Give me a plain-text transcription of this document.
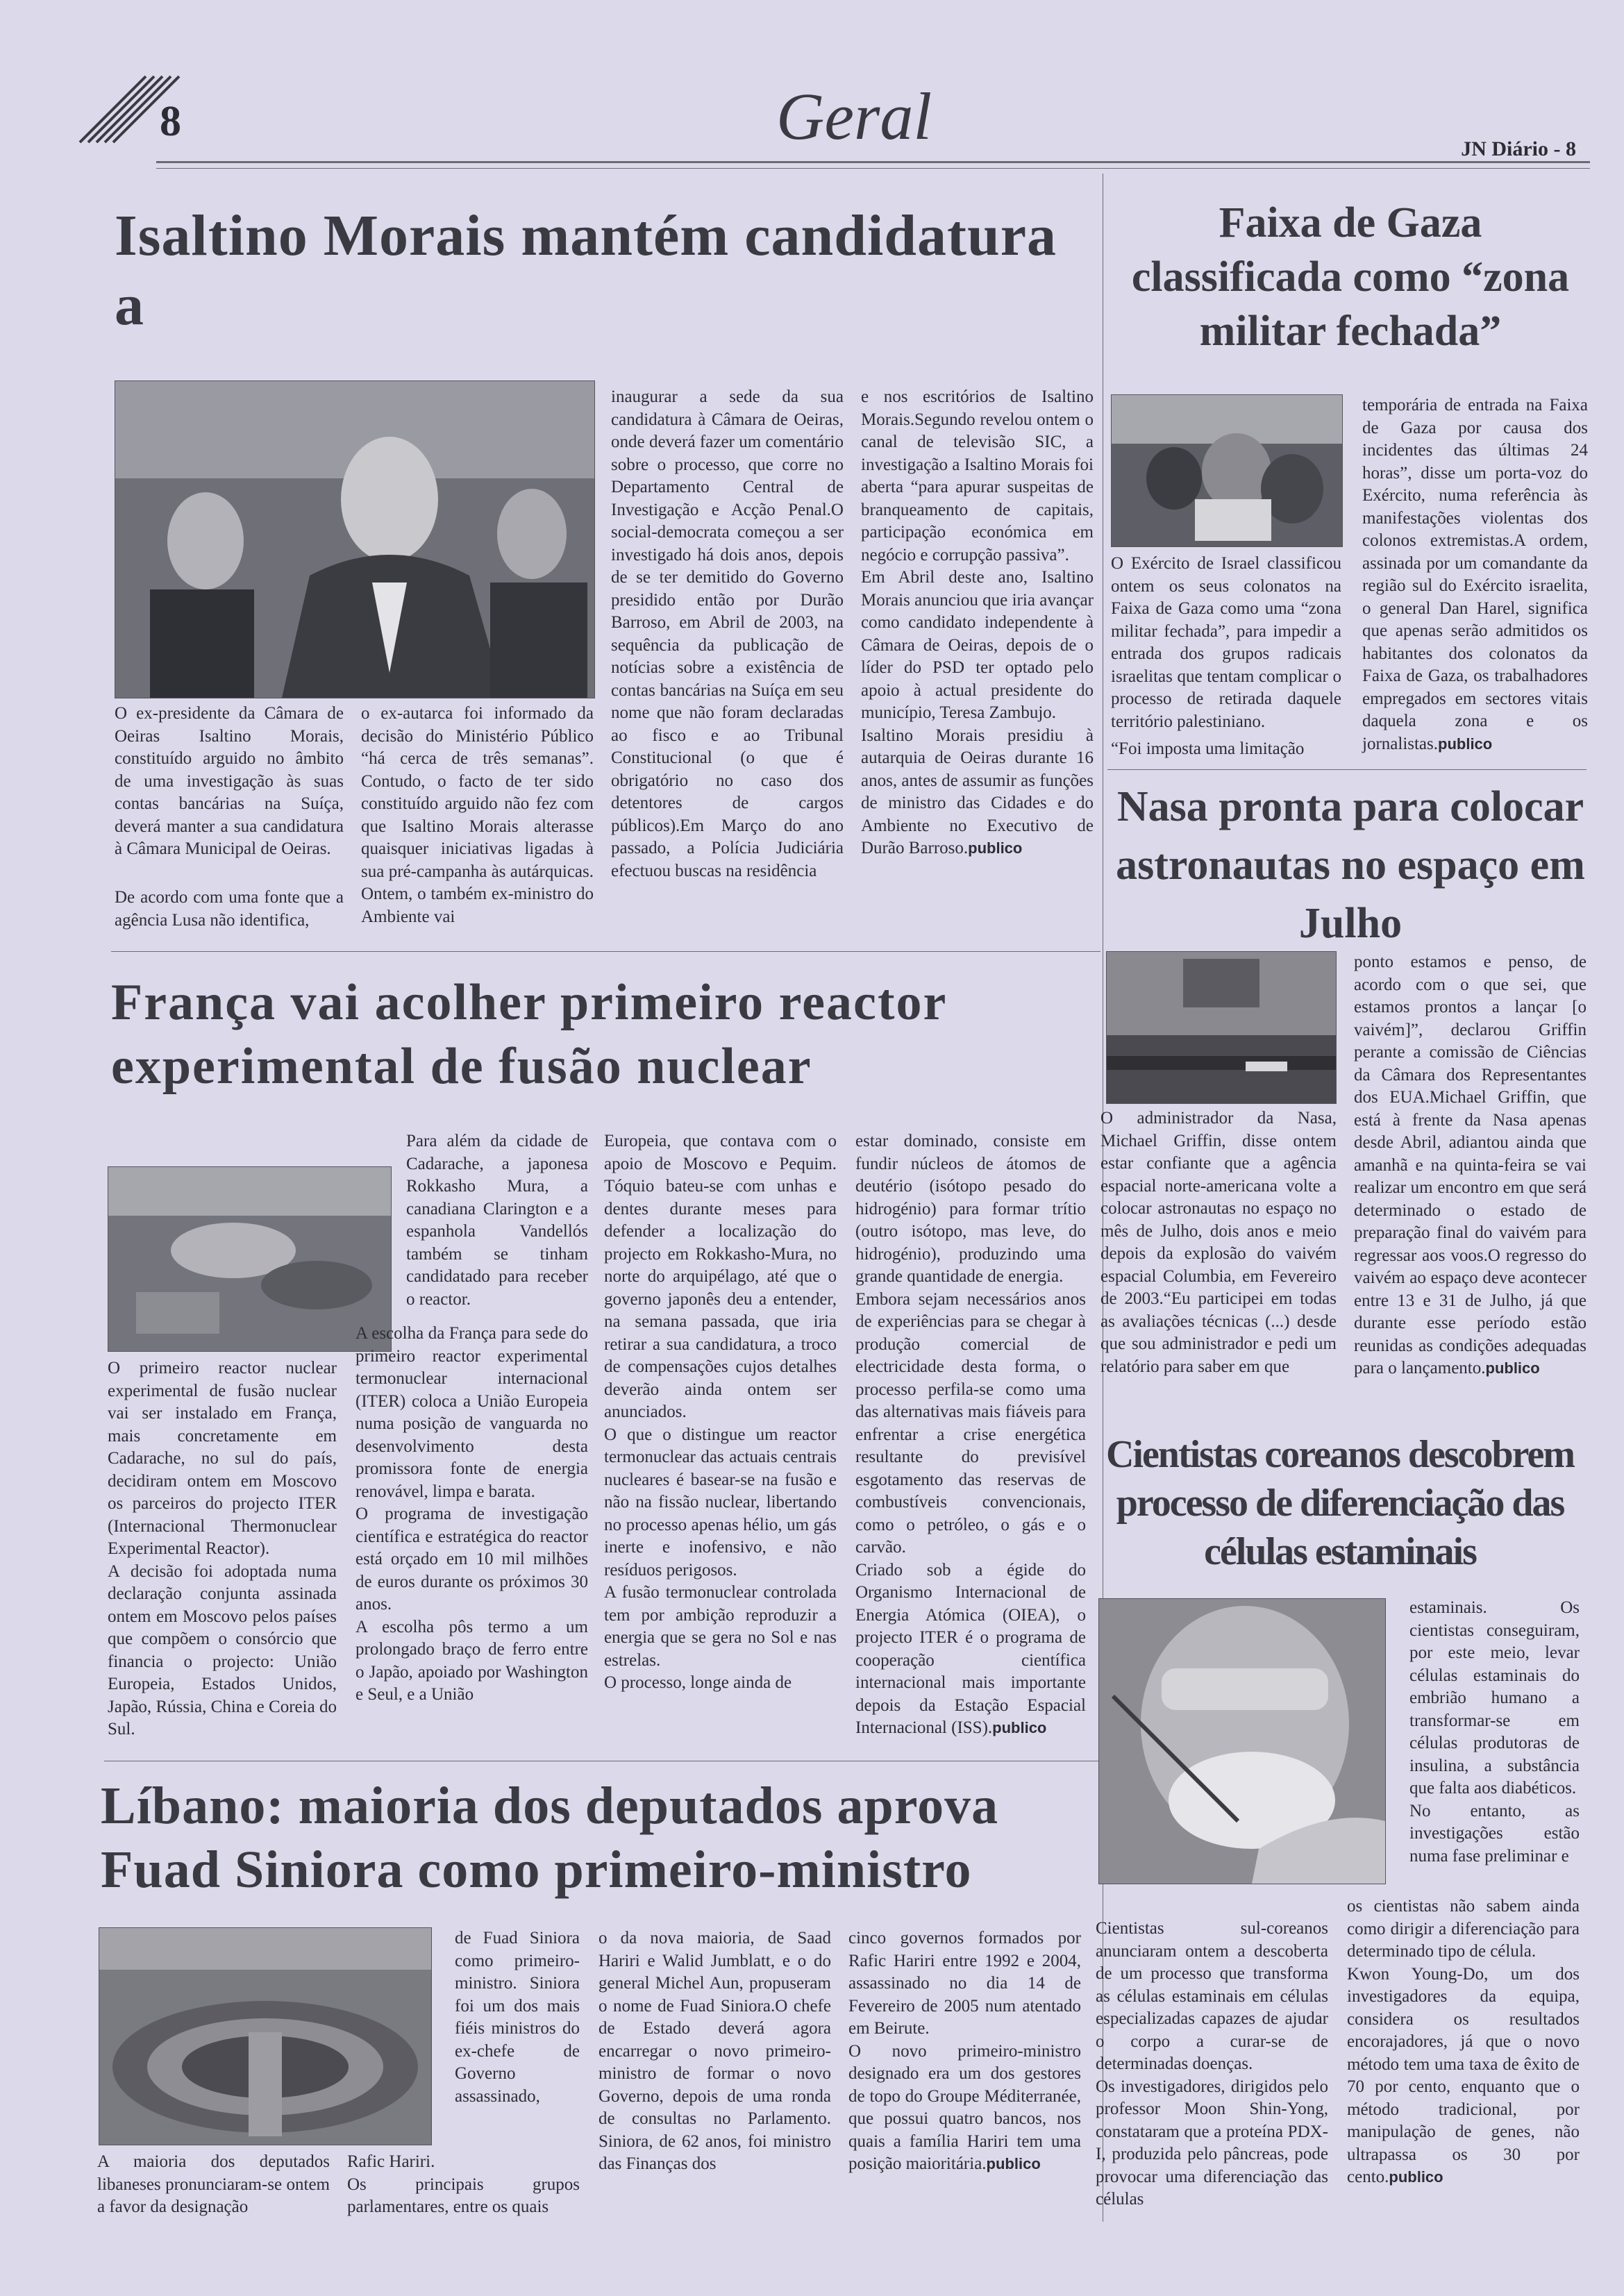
8	Geral	JN Diário - 8
Isaltino Morais mantém candidatura a
O ex-presidente da Câmara de Oeiras Isaltino Morais, constituído arguido no âmbito de uma investigação às suas contas bancárias na Suíça, deverá manter a sua candidatura à Câmara Municipal de Oeiras.
De acordo com uma fonte que a agência Lusa não identifica,
o ex-autarca foi informado da decisão do Ministério Público “há cerca de três semanas”. Contudo, o facto de ter sido constituído arguido não fez com que Isaltino Morais alterasse quaisquer iniciativas ligadas à sua pré-campanha às autárquicas. Ontem, o também ex-ministro do Ambiente vai
inaugurar a sede da sua candidatura à Câmara de Oeiras, onde deverá fazer um comentário sobre o processo, que corre no Departamento Central de Investigação e Acção Penal.O social-democrata começou a ser investigado há dois anos, depois de se ter demitido do Governo presidido então por Durão Barroso, em Abril de 2003, na sequência da publicação de notícias sobre a existência de contas bancárias na Suíça em seu nome que não foram declaradas ao fisco e ao Tribunal Constitucional (o que é obrigatório no caso dos detentores de cargos públicos).Em Março do ano passado, a Polícia Judiciária efectuou buscas na residência

e nos escritórios de Isaltino Morais.Segundo revelou ontem o canal de televisão SIC, a investigação a Isaltino Morais foi aberta “para apurar suspeitas de branqueamento de capitais, participação económica em negócio e corrupção passiva”.

Em Abril deste ano, Isaltino Morais anunciou que iria avançar como candidato independente à Câmara de Oeiras, depois de o líder do PSD ter optado pelo apoio à actual presidente do município, Teresa Zambujo.

Isaltino Morais presidiu à autarquia de Oeiras durante 16 anos, antes de assumir as funções de ministro das Cidades e do Ambiente no Executivo de Durão Barroso.publico

Faixa de Gaza classificada como “zona militar fechada”
O Exército de Israel classificou ontem os seus colonatos na Faixa de Gaza como uma “zona militar fechada”, para impedir a entrada dos grupos radicais israelitas que tentam complicar o processo de retirada daquele território palestiniano.
“Foi imposta uma limitação
temporária de entrada na Faixa de Gaza por causa dos incidentes das últimas 24 horas”, disse um porta-voz do Exército, numa referência às manifestações violentas dos colonos extremistas.A ordem, assinada por um comandante da região sul do Exército israelita, o general Dan Harel, significa que apenas serão admitidos os habitantes dos colonatos da Faixa de Gaza, os trabalhadores empregados em sectores vitais daquela zona e os jornalistas.publico
França vai acolher primeiro reactor experimental de fusão nuclear

O primeiro reactor nuclear experimental de fusão nuclear vai ser instalado em França, mais concretamente em Cadarache, no sul do país, decidiram ontem em Moscovo os parceiros do projecto ITER (Internacional Thermonuclear Experimental Reactor).

A decisão foi adoptada numa declaração conjunta assinada ontem em Moscovo pelos países que compõem o consórcio que financia o projecto: União Europeia, Estados Unidos, Japão, Rússia, China e Coreia do Sul.

Para além da cidade de Cadarache, a japonesa Rokkasho Mura, a canadiana Clarington e a espanhola Vandellós também se tinham candidatado para receber o reactor.

A escolha da França para sede do primeiro reactor experimental termonuclear internacional (ITER) coloca a União Europeia numa posição de vanguarda no desenvolvimento desta promissora fonte de energia renovável, limpa e barata.

O programa de investigação científica e estratégica do reactor está orçado em 10 mil milhões de euros durante os próximos 30 anos.

A escolha pôs termo a um prolongado braço de ferro entre o Japão, apoiado por Washington e Seul, e a União

Europeia, que contava com o apoio de Moscovo e Pequim. Tóquio bateu-se com unhas e dentes durante meses para defender a localização do projecto em Rokkasho-Mura, no norte do arquipélago, até que o governo japonês deu a entender, na semana passada, que iria retirar a sua candidatura, a troco de compensações cujos detalhes deverão ainda ontem ser anunciados.

O que o distingue um reactor termonuclear das actuais centrais nucleares é basear-se na fusão e não na fissão nuclear, libertando no processo apenas hélio, um gás inerte e inofensivo, e não resíduos perigosos.

A fusão termonuclear controlada tem por ambição reproduzir a energia que se gera no Sol e nas estrelas.

O processo, longe ainda de

estar dominado, consiste em fundir núcleos de átomos de deutério (isótopo pesado do hidrogénio) para formar trítio (outro isótopo, mas leve, do hidrogénio), produzindo uma grande quantidade de energia.

Embora sejam necessários anos de experiências para se chegar à produção comercial de electricidade desta forma, o processo perfila-se como uma das alternativas mais fiáveis para enfrentar a crise energética resultante do previsível esgotamento das reservas de combustíveis convencionais, como o petróleo, o gás e o carvão.

Criado sob a égide do Organismo Internacional de Energia Atómica (OIEA), o projecto ITER é o programa de cooperação científica internacional mais importante depois da Estação Espacial Internacional (ISS).publico

Nasa pronta para colocar astronautas no espaço em Julho
O administrador da Nasa, Michael Griffin, disse ontem estar confiante que a agência espacial norte-americana volte a colocar astronautas no espaço no mês de Julho, dois anos e meio depois da explosão do vaivém espacial Columbia, em Fevereiro de 2003.“Eu participei em todas as avaliações técnicas (...) desde que sou administrador e pedi um relatório para saber em que
ponto estamos e penso, de acordo com o que sei, que estamos prontos a lançar [o vaivém]”, declarou Griffin perante a comissão de Ciências da Câmara dos Representantes dos EUA.Michael Griffin, que está à frente da Nasa apenas desde Abril, adiantou ainda que amanhã e na quinta-feira se vai realizar um encontro em que será determinado o estado de preparação final do vaivém para regressar aos voos.O regresso do vaivém ao espaço deve acontecer entre 13 e 31 de Julho, já que durante esse período estão reunidas as condições adequadas para o lançamento.publico
Cientistas coreanos descobrem processo de diferenciação das células estaminais

estaminais. Os cientistas conseguiram, por este meio, levar células estaminais do embrião humano a transformar-se em células produtoras de insulina, a substância que falta aos diabéticos.

No entanto, as investigações estão numa fase preliminar e

Cientistas sul-coreanos anunciaram ontem a descoberta de um processo que transforma as células estaminais em células especializadas capazes de ajudar o corpo a curar-se de determinadas doenças.

Os investigadores, dirigidos pelo professor Moon Shin-Yong, constataram que a proteína PDX-I, produzida pelo pâncreas, pode provocar uma diferenciação das células

os cientistas não sabem ainda como dirigir a diferenciação para determinado tipo de célula.

Kwon Young-Do, um dos investigadores da equipa, considera os resultados encorajadores, já que o novo método tem uma taxa de êxito de 70 por cento, enquanto que o método tradicional, por manipulação de genes, não ultrapassa os 30 por cento.publico

Líbano: maioria dos deputados aprova Fuad Siniora como primeiro-ministro
A maioria dos deputados libaneses pronunciaram-se ontem a favor da designação
de Fuad Siniora como primeiro-ministro. Siniora foi um dos mais fiéis ministros do ex-chefe de Governo assassinado,

Rafic Hariri.

Os principais grupos parlamentares, entre os quais

o da nova maioria, de Saad Hariri e Walid Jumblatt, e o do general Michel Aun, propuseram o nome de Fuad Siniora.O chefe de Estado deverá agora encarregar o novo primeiro-ministro de formar o novo Governo, depois de uma ronda de consultas no Parlamento. Siniora, de 62 anos, foi ministro das Finanças dos

cinco governos formados por Rafic Hariri entre 1992 e 2004, assassinado no dia 14 de Fevereiro de 2005 num atentado em Beirute.

O novo primeiro-ministro designado era um dos gestores de topo do Groupe Méditerranée, que possui quatro bancos, nos quais a família Hariri tem uma posição maioritária.publico
